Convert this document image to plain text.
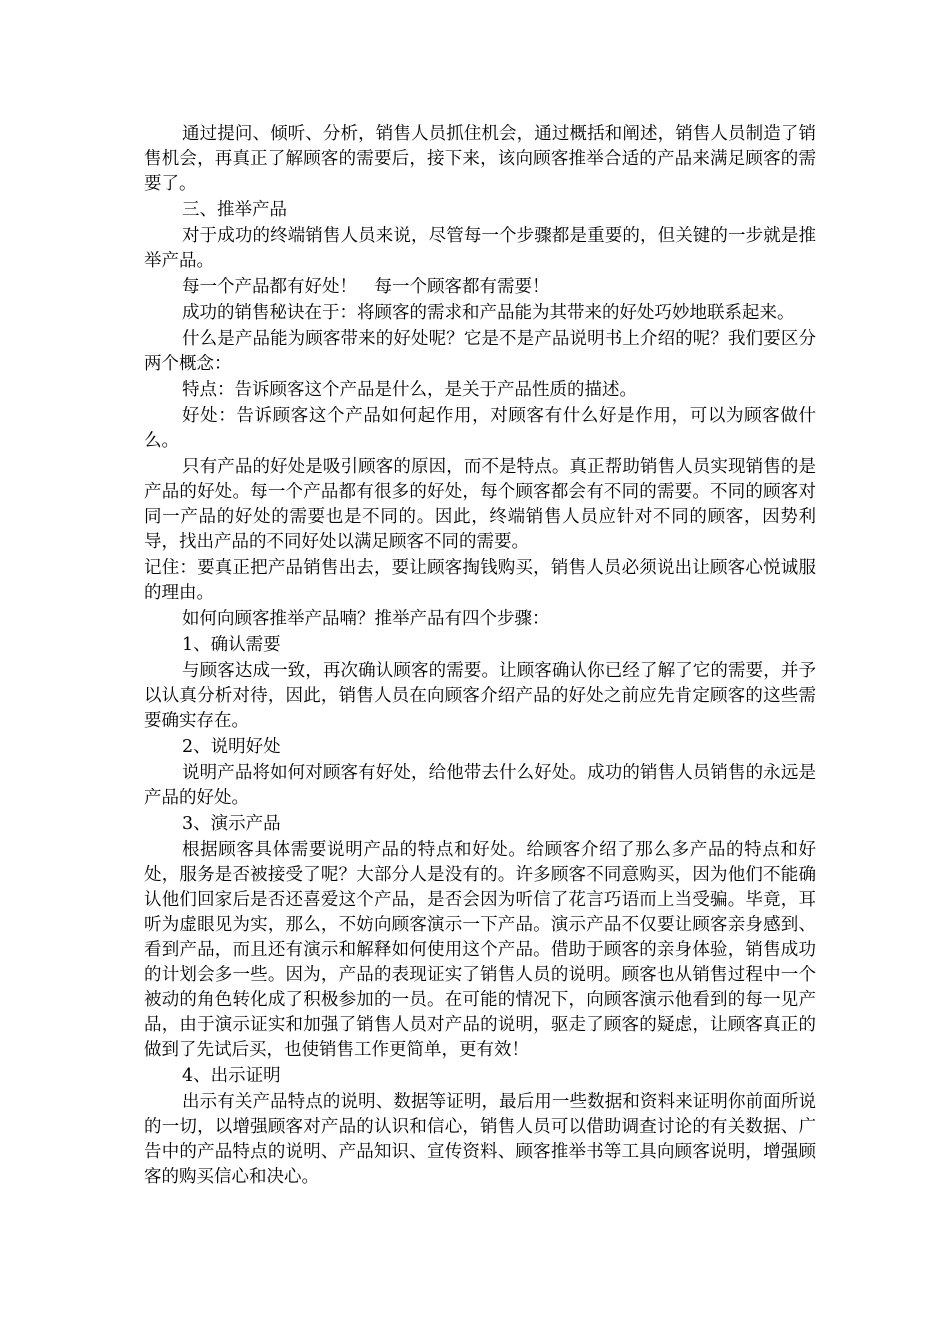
通过提问、倾听、分析，销售人员抓住机会，通过概括和阐述，销售人员制造了销售机会，再真正了解顾客的需要后，接下来，该向顾客推举合适的产品来满足顾客的需要了。

三、推举产品

对于成功的终端销售人员来说，尽管每一个步骤都是重要的，但关键的一步就是推举产品。

每一个产品都有好处！　每一个顾客都有需要！

成功的销售秘诀在于：将顾客的需求和产品能为其带来的好处巧妙地联系起来。

什么是产品能为顾客带来的好处呢？它是不是产品说明书上介绍的呢？我们要区分两个概念：

特点：告诉顾客这个产品是什么，是关于产品性质的描述。

好处：告诉顾客这个产品如何起作用，对顾客有什么好是作用，可以为顾客做什么。

只有产品的好处是吸引顾客的原因，而不是特点。真正帮助销售人员实现销售的是产品的好处。每一个产品都有很多的好处，每个顾客都会有不同的需要。不同的顾客对同一产品的好处的需要也是不同的。因此，终端销售人员应针对不同的顾客，因势利导，找出产品的不同好处以满足顾客不同的需要。

记住：要真正把产品销售出去，要让顾客掏钱购买，销售人员必须说出让顾客心悦诚服的理由。

如何向顾客推举产品喃？推举产品有四个步骤：

1、确认需要

与顾客达成一致，再次确认顾客的需要。让顾客确认你已经了解了它的需要，并予以认真分析对待，因此，销售人员在向顾客介绍产品的好处之前应先肯定顾客的这些需要确实存在。

2、说明好处

说明产品将如何对顾客有好处，给他带去什么好处。成功的销售人员销售的永远是产品的好处。

3、演示产品

根据顾客具体需要说明产品的特点和好处。给顾客介绍了那么多产品的特点和好处，服务是否被接受了呢？大部分人是没有的。许多顾客不同意购买，因为他们不能确认他们回家后是否还喜爱这个产品，是否会因为听信了花言巧语而上当受骗。毕竟，耳听为虚眼见为实，那么，不妨向顾客演示一下产品。演示产品不仅要让顾客亲身感到、看到产品，而且还有演示和解释如何使用这个产品。借助于顾客的亲身体验，销售成功的计划会多一些。因为，产品的表现证实了销售人员的说明。顾客也从销售过程中一个被动的角色转化成了积极参加的一员。在可能的情况下，向顾客演示他看到的每一见产品，由于演示证实和加强了销售人员对产品的说明，驱走了顾客的疑虑，让顾客真正的做到了先试后买，也使销售工作更简单，更有效！

4、出示证明

出示有关产品特点的说明、数据等证明，最后用一些数据和资料来证明你前面所说的一切，以增强顾客对产品的认识和信心，销售人员可以借助调查讨论的有关数据、广告中的产品特点的说明、产品知识、宣传资料、顾客推举书等工具向顾客说明，增强顾客的购买信心和决心。
